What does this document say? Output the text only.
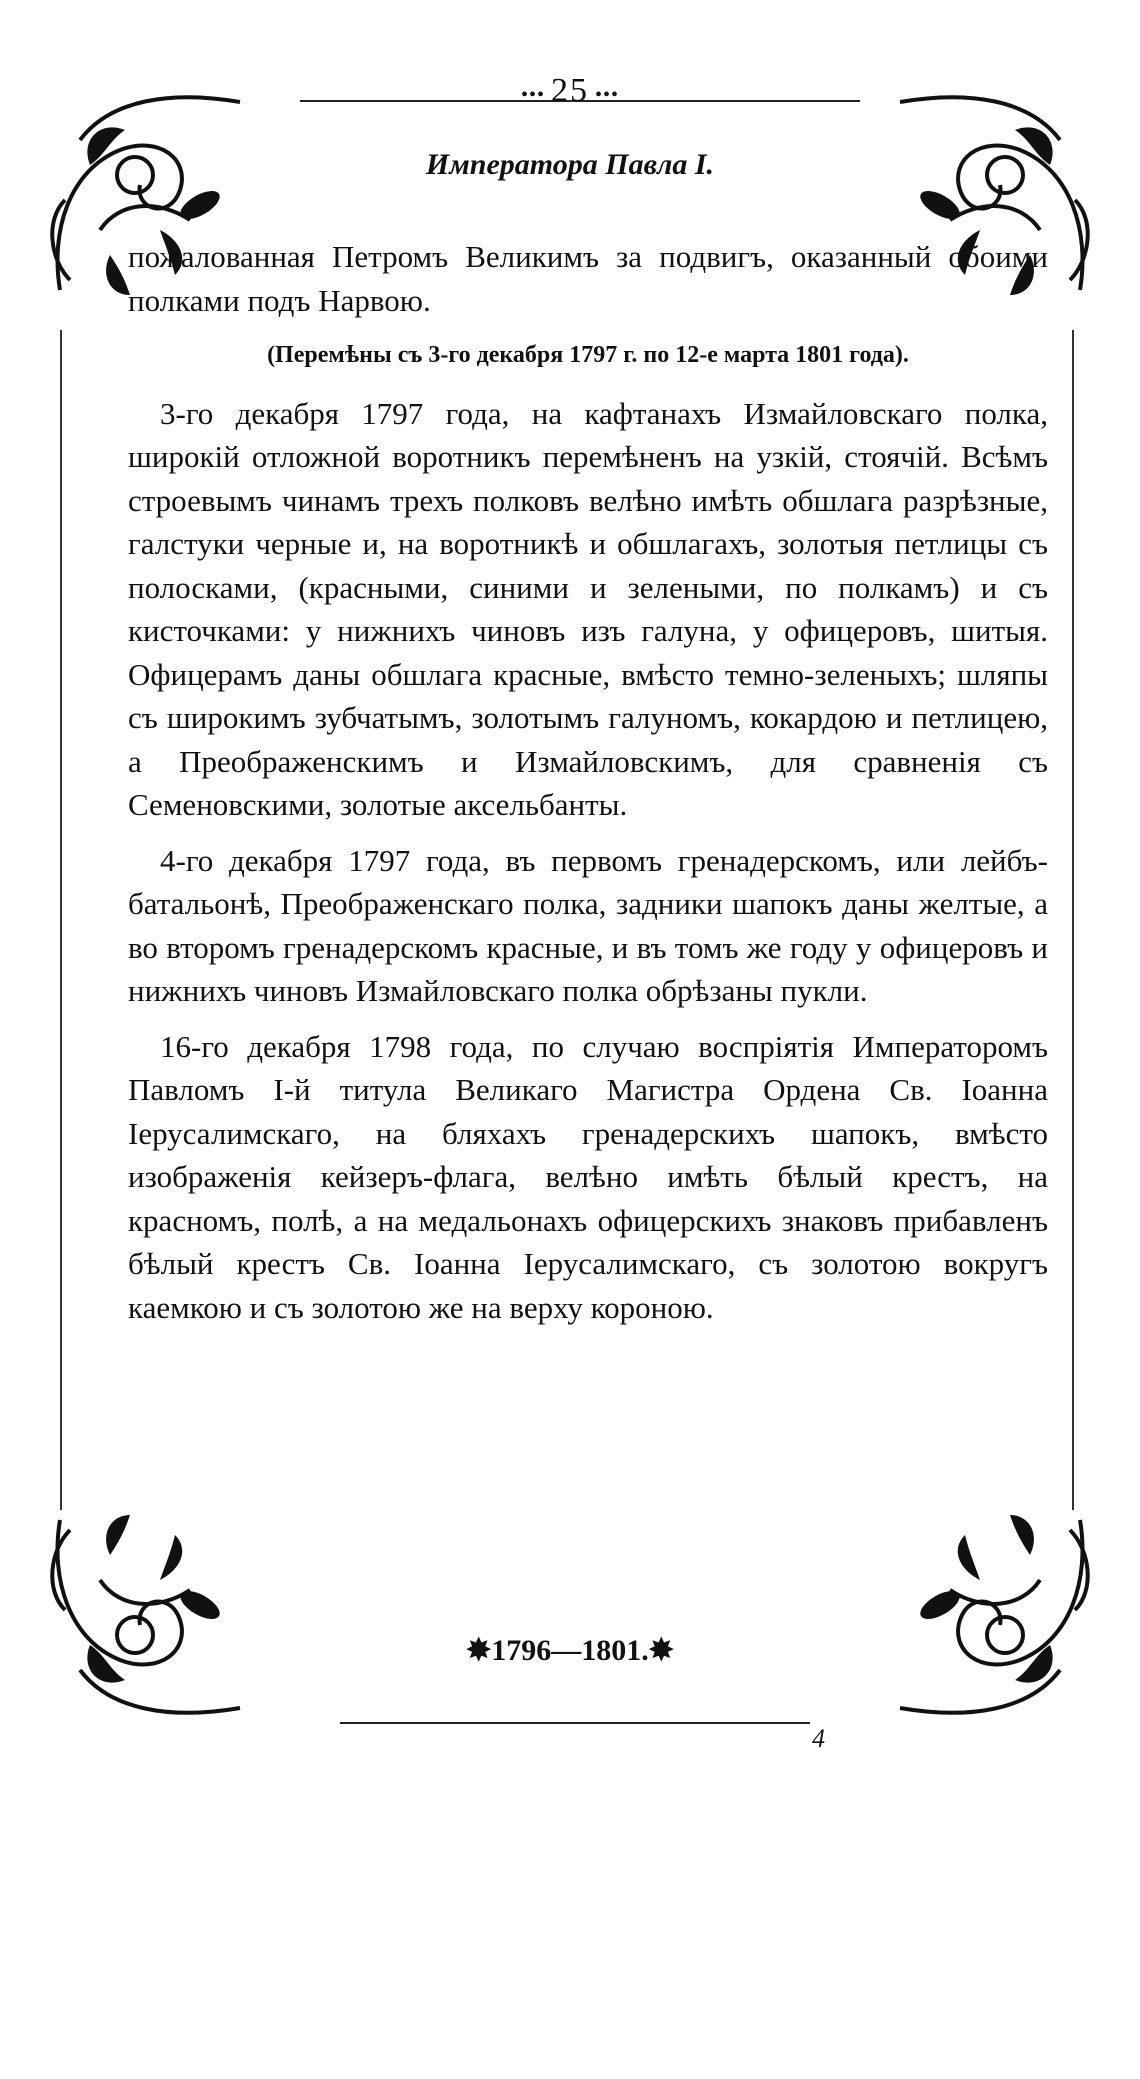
••• 25 •••
Императора Павла I.

пожалованная Петромъ Великимъ за подвигъ, оказанный обоими полками подъ Нарвою.

(Перемѣны съ 3-го декабря 1797 г. по 12-е марта 1801 года).

3-го декабря 1797 года, на кафтанахъ Измайловскаго полка, широкій отложной воротникъ перемѣненъ на узкій, стоячій. Всѣмъ строевымъ чинамъ трехъ полковъ велѣно имѣть обшлага разрѣзные, галстуки черные и, на воротникѣ и обшлагахъ, золотыя петлицы съ полосками, (красными, синими и зелеными, по полкамъ) и съ кисточками: у нижнихъ чиновъ изъ галуна, у офицеровъ, шитыя. Офицерамъ даны обшлага красные, вмѣсто темно-зеленыхъ; шляпы съ широкимъ зубчатымъ, золотымъ галуномъ, кокардою и петлицею, а Преображенскимъ и Измайловскимъ, для сравненія съ Семеновскими, золотые аксельбанты.

4-го декабря 1797 года, въ первомъ гренадерскомъ, или лейбъ-батальонѣ, Преображенскаго полка, задники шапокъ даны желтые, а во второмъ гренадерскомъ красные, и въ томъ же году у офицеровъ и нижнихъ чиновъ Измайловскаго полка обрѣзаны пукли.

16-го декабря 1798 года, по случаю воспріятія Императоромъ Павломъ I-й титула Великаго Магистра Ордена Св. Іоанна Іерусалимскаго, на бляхахъ гренадерскихъ шапокъ, вмѣсто изображенія кейзеръ-флага, велѣно имѣть бѣлый крестъ, на красномъ, полѣ, а на медальонахъ офицерскихъ знаковъ прибавленъ бѣлый крестъ Св. Іоанна Іерусалимскаго, съ золотою вокругъ каемкою и съ золотою же на верху короною.

✸1796—1801.✸
4
